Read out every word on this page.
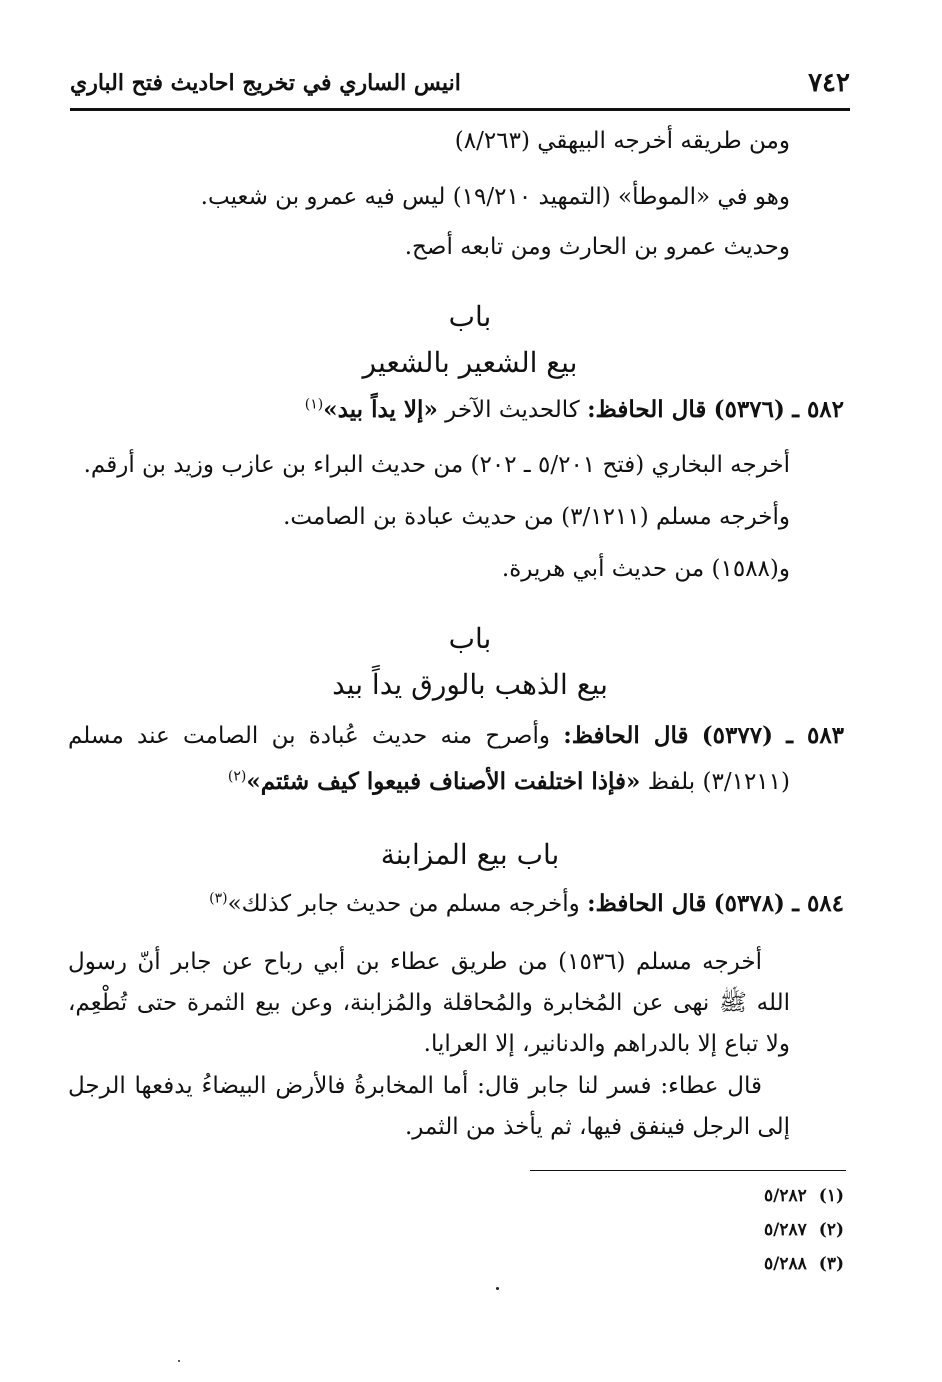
٧٤٢
انيس الساري في تخريج احاديث فتح الباري
ومن طريقه أخرجه البيهقي (٨/٢٦٣)
وهو في «الموطأ» (التمهيد ١٩/٢١٠) ليس فيه عمرو بن شعيب.
وحديث عمرو بن الحارث ومن تابعه أصح.
باب
بيع الشعير بالشعير
٥٨٢ ـ (٥٣٧٦) قال الحافظ: كالحديث الآخر «إلا يداً بيد»$^{(١)}$
أخرجه البخاري (فتح ٥/٢٠١ ـ ٢٠٢) من حديث البراء بن عازب وزيد بن أرقم.
وأخرجه مسلم (٣/١٢١١) من حديث عبادة بن الصامت.
و(١٥٨٨) من حديث أبي هريرة.
باب
بيع الذهب بالورق يداً بيد
٥٨٣ ـ (٥٣٧٧) قال الحافظ: وأصرح منه حديث عُبادة بن الصامت عند مسلم
(٣/١٢١١) بلفظ «فإذا اختلفت الأصناف فبيعوا كيف شئتم»$^{(٢)}$
باب بيع المزابنة
٥٨٤ ـ (٥٣٧٨) قال الحافظ: وأخرجه مسلم من حديث جابر كذلك»$^{(٣)}$
أخرجه مسلم (١٥٣٦) من طريق عطاء بن أبي رباح عن جابر أنّ رسول الله ﷺ نهى عن المُخابرة والمُحاقلة والمُزابنة، وعن بيع الثمرة حتى تُطْعِم، ولا تباع إلا بالدراهم والدنانير، إلا العرايا.
قال عطاء: فسر لنا جابر قال: أما المخابرةُ فالأرض البيضاءُ يدفعها الرجل إلى الرجل فينفق فيها، ثم يأخذ من الثمر.
(١)٥/٢٨٢
(٢)٥/٢٨٧
(٣)٥/٢٨٨
